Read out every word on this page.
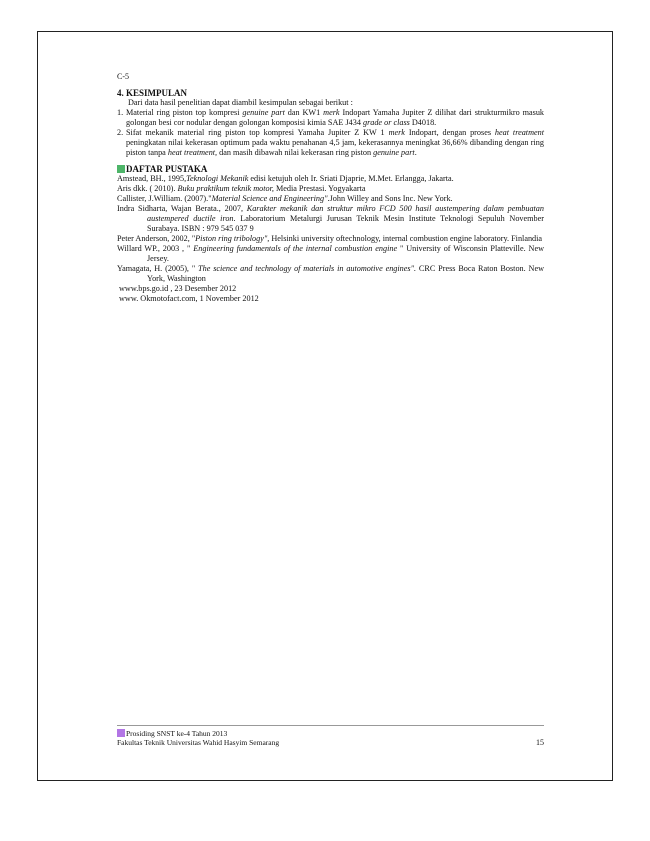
C-5
4. KESIMPULAN

Dari data hasil penelitian dapat diambil kesimpulan sebagai berikut :

1. Material ring piston top kompresi genuine part dan KW1 merk Indopart Yamaha Jupiter Z dilihat dari strukturmikro masuk golongan besi cor nodular dengan golongan komposisi kimia SAE J434 grade or class D4018.
2. Sifat mekanik material ring piston top kompresi Yamaha Jupiter Z KW 1 merk Indopart, dengan proses heat treatment peningkatan nilai kekerasan optimum pada waktu penahanan 4,5 jam, kekerasannya meningkat 36,66% dibanding dengan ring piston tanpa heat treatment, dan masih dibawah nilai kekerasan ring piston genuine part.
DAFTAR PUSTAKA

Amstead, BH., 1995,Teknologi Mekanik edisi ketujuh oleh Ir. Sriati Djaprie, M.Met. Erlangga, Jakarta.

Aris dkk. ( 2010). Buku praktikum teknik motor, Media Prestasi. Yogyakarta

Callister, J.William. (2007)."Material Science and Engineering".John Willey and Sons Inc. New York.

Indra Sidharta, Wajan Berata., 2007, Karakter mekanik dan struktur mikro FCD 500 hasil austempering dalam pembuatan austempered ductile iron. Laboratorium Metalurgi Jurusan Teknik Mesin Institute Teknologi Sepuluh November Surabaya. ISBN : 979 545 037 9

Peter Anderson, 2002, "Piston ring tribology", Helsinki university oftechnology, internal combustion engine laboratory. Finlandia

Willard WP., 2003 , " Engineering fundamentals of the internal combustion engine " University of Wisconsin Platteville. New Jersey.

Yamagata, H. (2005), " The science and technology of materials in automotive engines". CRC Press Boca Raton Boston. New York, Washington

www.bps.go.id , 23 Desember 2012

www. Okmotofact.com, 1 November 2012

Prosiding SNST ke-4 Tahun 2013
Fakultas Teknik Universitas Wahid Hasyim Semarang	15
